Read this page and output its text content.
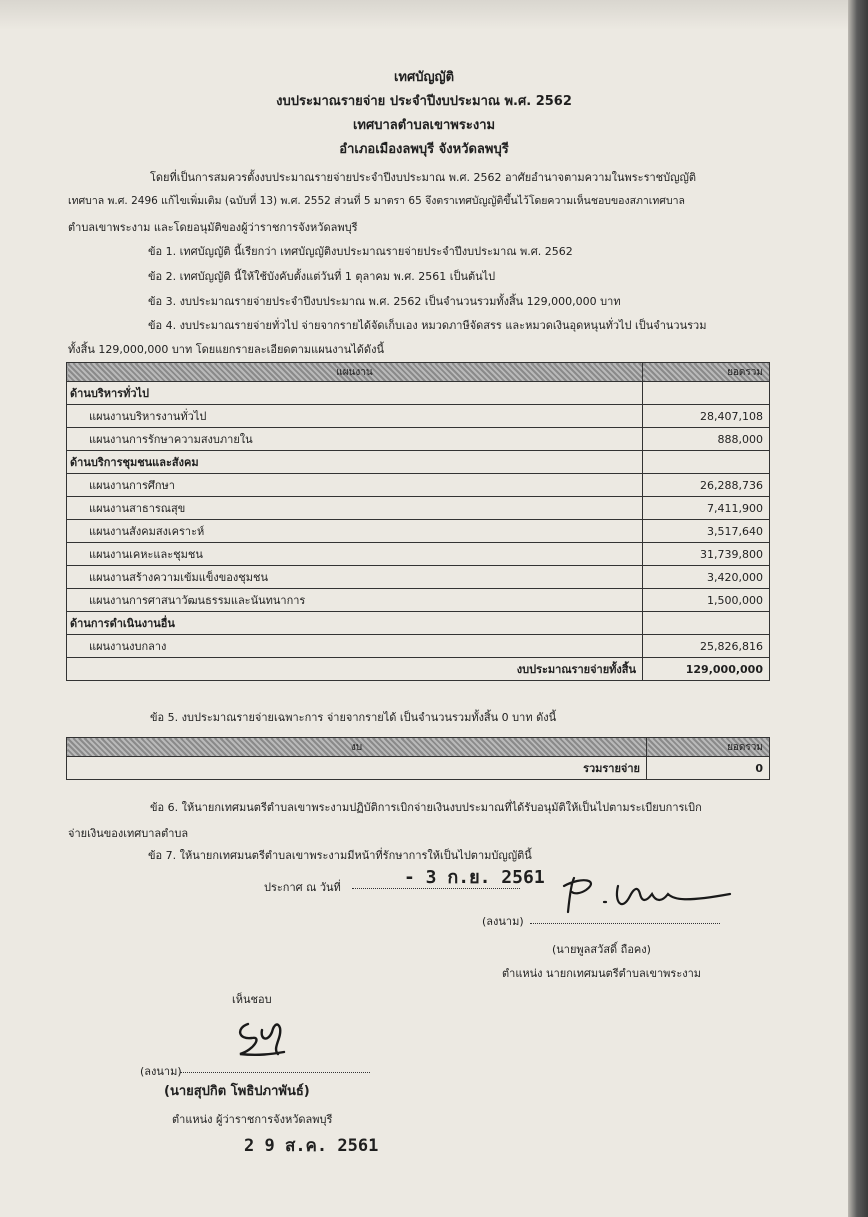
เทศบัญญัติ
งบประมาณรายจ่าย ประจำปีงบประมาณ พ.ศ. 2562
เทศบาลตำบลเขาพระงาม
อำเภอเมืองลพบุรี จังหวัดลพบุรี
โดยที่เป็นการสมควรตั้งงบประมาณรายจ่ายประจำปีงบประมาณ พ.ศ. 2562 อาศัยอำนาจตามความในพระราชบัญญัติ
เทศบาล พ.ศ. 2496 แก้ไขเพิ่มเติม (ฉบับที่ 13) พ.ศ. 2552 ส่วนที่ 5 มาตรา 65 จึงตราเทศบัญญัติขึ้นไว้โดยความเห็นชอบของสภาเทศบาล
ตำบลเขาพระงาม และโดยอนุมัติของผู้ว่าราชการจังหวัดลพบุรี
ข้อ 1. เทศบัญญัติ นี้เรียกว่า เทศบัญญัติงบประมาณรายจ่ายประจำปีงบประมาณ พ.ศ. 2562
ข้อ 2. เทศบัญญัติ นี้ให้ใช้บังคับตั้งแต่วันที่ 1 ตุลาคม พ.ศ. 2561 เป็นต้นไป
ข้อ 3. งบประมาณรายจ่ายประจำปีงบประมาณ พ.ศ. 2562 เป็นจำนวนรวมทั้งสิ้น 129,000,000 บาท
ข้อ 4. งบประมาณรายจ่ายทั่วไป จ่ายจากรายได้จัดเก็บเอง หมวดภาษีจัดสรร และหมวดเงินอุดหนุนทั่วไป เป็นจำนวนรวม
ทั้งสิ้น 129,000,000 บาท โดยแยกรายละเอียดตามแผนงานได้ดังนี้
แผนงาน	ยอดรวม
ด้านบริหารทั่วไป	
แผนงานบริหารงานทั่วไป	28,407,108
แผนงานการรักษาความสงบภายใน	888,000
ด้านบริการชุมชนและสังคม	
แผนงานการศึกษา	26,288,736
แผนงานสาธารณสุข	7,411,900
แผนงานสังคมสงเคราะห์	3,517,640
แผนงานเคหะและชุมชน	31,739,800
แผนงานสร้างความเข้มแข็งของชุมชน	3,420,000
แผนงานการศาสนาวัฒนธรรมและนันทนาการ	1,500,000
ด้านการดำเนินงานอื่น	
แผนงานงบกลาง	25,826,816
งบประมาณรายจ่ายทั้งสิ้น	129,000,000
ข้อ 5. งบประมาณรายจ่ายเฉพาะการ จ่ายจากรายได้ เป็นจำนวนรวมทั้งสิ้น 0 บาท ดังนี้
งบ	ยอดรวม
รวมรายจ่าย	0
ข้อ 6. ให้นายกเทศมนตรีตำบลเขาพระงามปฏิบัติการเบิกจ่ายเงินงบประมาณที่ได้รับอนุมัติให้เป็นไปตามระเบียบการเบิก
จ่ายเงินของเทศบาลตำบล
ข้อ 7. ให้นายกเทศมนตรีตำบลเขาพระงามมีหน้าที่รักษาการให้เป็นไปตามบัญญัตินี้
ประกาศ ณ วันที่	- 3 ก.ย. 2561
(ลงนาม)
(นายพูลสวัสดิ์ ถือคง)
ตำแหน่ง นายกเทศมนตรีตำบลเขาพระงาม
เห็นชอบ
(ลงนาม)
(นายสุปกิต โพธิปภาพันธ์)
ตำแหน่ง ผู้ว่าราชการจังหวัดลพบุรี
2 9 ส.ค. 2561
